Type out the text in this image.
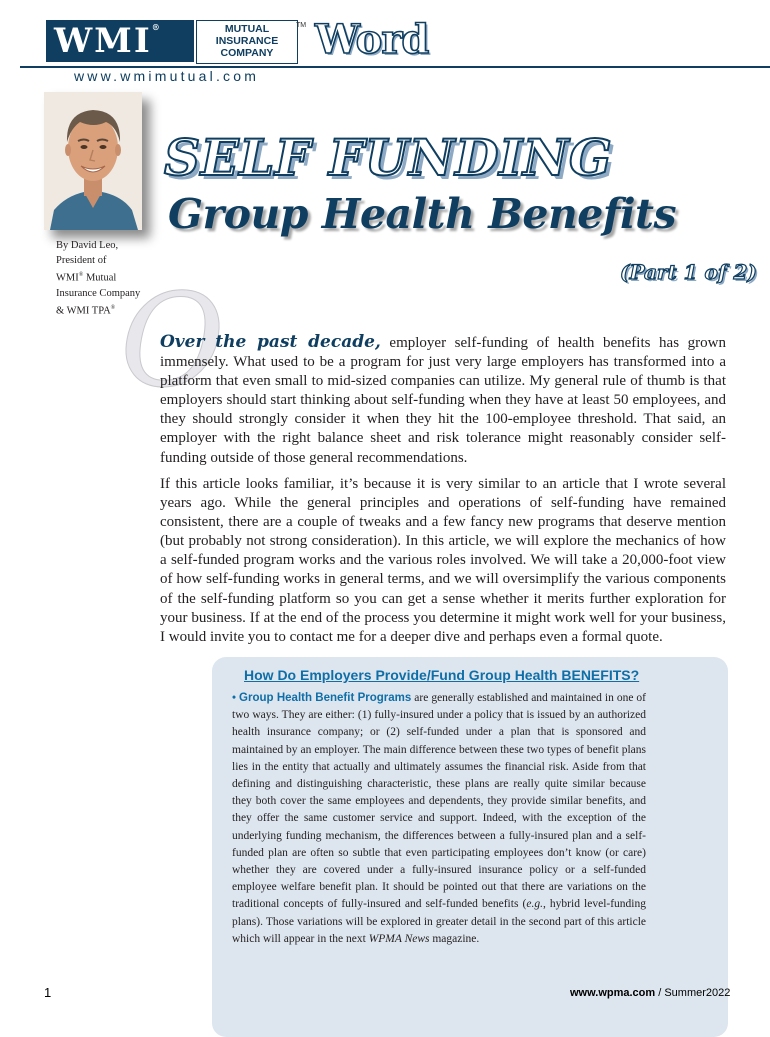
WMI®	MUTUAL
INSURANCE
COMPANY
TM Word
www.wmimutual.com
SELF FUNDING
Group Health Benefits
(Part 1 of 2)
By David Leo,
President of
WMI® Mutual
Insurance Company
& WMI TPA® O
Over the past decade, employer self-funding of health benefits has grown immensely. What used to be a program for just very large employers has transformed into a platform that even small to mid-sized companies can utilize. My general rule of thumb is that employers should start thinking about self-funding when they have at least 50 employees, and they should strongly consider it when they hit the 100-employee threshold. That said, an employer with the right balance sheet and risk tolerance might reasonably consider self-funding outside of those general recommendations.
If this article looks familiar, it’s because it is very similar to an article that I wrote several years ago. While the general principles and operations of self-funding have remained consistent, there are a couple of tweaks and a few fancy new programs that deserve mention (but probably not strong consideration). In this article, we will explore the mechanics of how a self-funded program works and the various roles involved. We will take a 20,000-foot view of how self-funding works in general terms, and we will oversimplify the various components of the self-funding platform so you can get a sense whether it merits further exploration for your business. If at the end of the process you determine it might work well for your business, I would invite you to contact me for a deeper dive and perhaps even a formal quote.
How Do Employers Provide/Fund Group Health BENEFITS?
• Group Health Benefit Programs are generally established and maintained in one of two ways. They are either: (1) fully-insured under a policy that is issued by an authorized health insurance company; or (2) self-funded under a plan that is sponsored and maintained by an employer. The main difference between these two types of benefit plans lies in the entity that actually and ultimately assumes the financial risk. Aside from that defining and distinguishing characteristic, these plans are really quite similar because they both cover the same employees and dependents, they provide similar benefits, and they offer the same customer service and support. Indeed, with the exception of the underlying funding mechanism, the differences between a fully-insured plan and a self-funded plan are often so subtle that even participating employees don’t know (or care) whether they are covered under a fully-insured insurance policy or a self-funded employee welfare benefit plan. It should be pointed out that there are variations on the traditional concepts of fully-insured and self-funded benefits (e.g., hybrid level-funding plans). Those variations will be explored in greater detail in the second part of this article which will appear in the next WPMA News magazine.
1	www.wpma.com / Summer2022
